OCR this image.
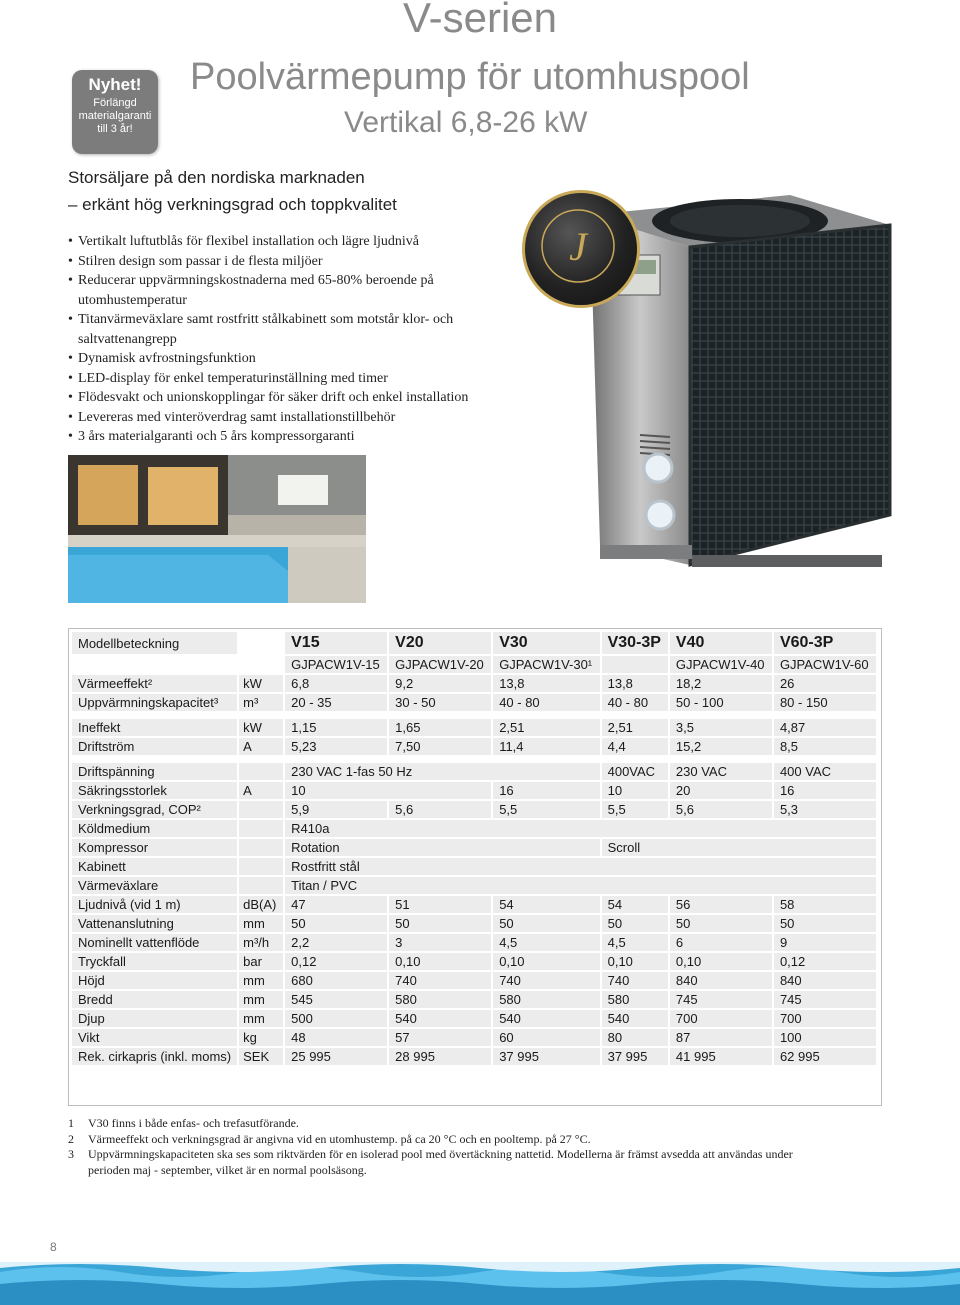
V-serien
Poolvärmepump för utomhuspool
Vertikal 6,8-26 kW
Nyhet!
Förlängd materialgaranti till 3 år!
Storsäljare på den nordiska marknaden
– erkänt hög verkningsgrad och toppkvalitet
• Vertikalt luftutblås för flexibel installation och lägre ljudnivå
• Stilren design som passar i de flesta miljöer
• Reducerar uppvärmningskostnaderna med 65-80% beroende på utomhustemperatur
• Titanvärmeväxlare samt rostfritt stålkabinett som motstår klor- och saltvattenangrepp
• Dynamisk avfrostningsfunktion
• LED-display för enkel temperaturinställning med timer
• Flödesvakt och unionskopplingar för säker drift och enkel installation
• Levereras med vinteröverdrag samt installationstillbehör
• 3 års materialgaranti och 5 års kompressorgaranti
J
Modellbeteckning		V15	V20	V30	V30-3P	V40	V60-3P
		GJPACW1V-15	GJPACW1V-20	GJPACW1V-30¹		GJPACW1V-40	GJPACW1V-60
Värmeeffekt²	kW	6,8	9,2	13,8	13,8	18,2	26
Uppvärmningskapacitet³	m³	20 - 35	30 - 50	40 - 80	40 - 80	50 - 100	80 - 150

Ineffekt	kW	1,15	1,65	2,51	2,51	3,5	4,87
Driftström	A	5,23	7,50	11,4	4,4	15,2	8,5

Driftspänning		230 VAC 1-fas 50 Hz			400VAC	230 VAC	400 VAC
Säkringsstorlek	A	10		16	10	20	16
Verkningsgrad, COP²		5,9	5,6	5,5	5,5	5,6	5,3
Köldmedium		R410a					
Kompressor		Rotation			Scroll		
Kabinett		Rostfritt stål					
Värmeväxlare		Titan / PVC					
Ljudnivå (vid 1 m)	dB(A)	47	51	54	54	56	58
Vattenanslutning	mm	50	50	50	50	50	50
Nominellt vattenflöde	m³/h	2,2	3	4,5	4,5	6	9
Tryckfall	bar	0,12	0,10	0,10	0,10	0,10	0,12
Höjd	mm	680	740	740	740	840	840
Bredd	mm	545	580	580	580	745	745
Djup	mm	500	540	540	540	700	700
Vikt	kg	48	57	60	80	87	100
Rek. cirkapris (inkl. moms)	SEK	25 995	28 995	37 995	37 995	41 995	62 995
1 V30 finns i både enfas- och trefasutförande.
2 Värmeeffekt och verkningsgrad är angivna vid en utomhustemp. på ca 20 °C och en pooltemp. på 27 °C.
3 Uppvärmningskapaciteten ska ses som riktvärden för en isolerad pool med övertäckning nattetid. Modellerna är främst avsedda att användas under perioden maj - september, vilket är en normal poolsäsong.
8
